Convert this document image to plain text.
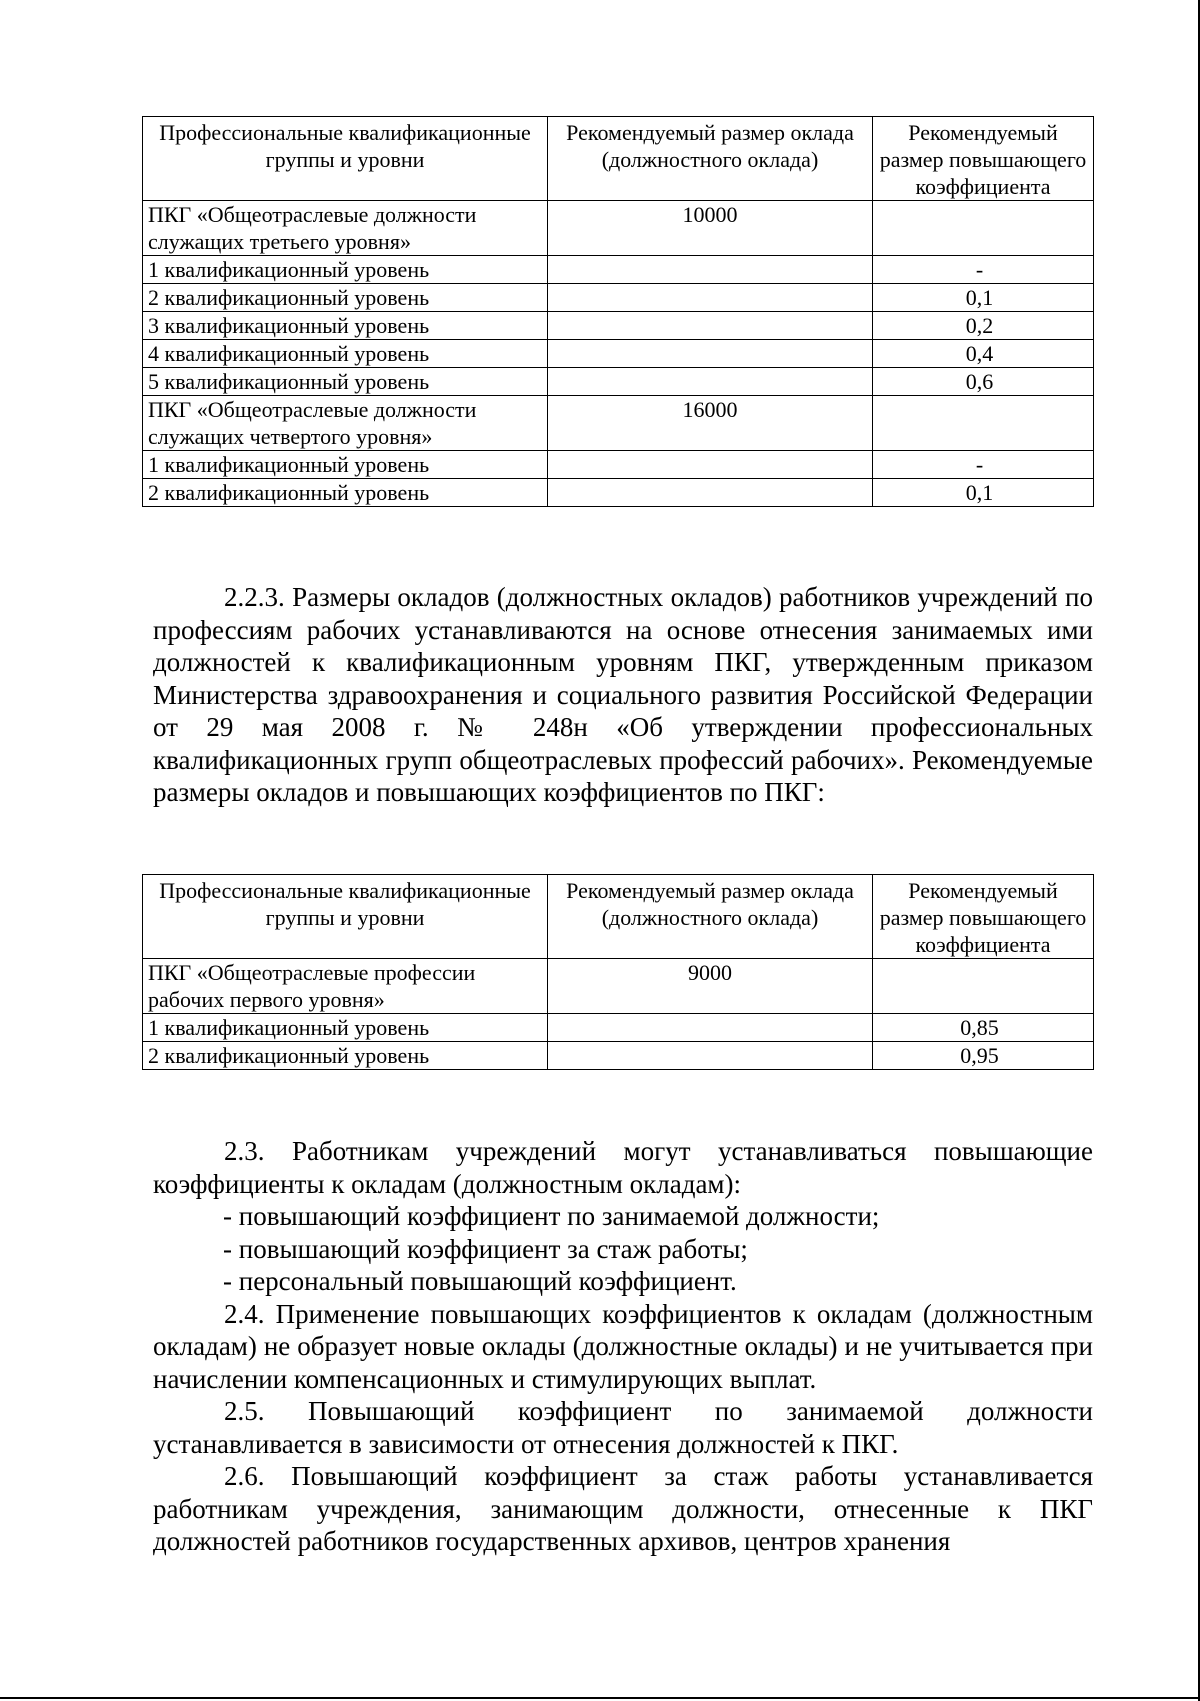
Профессиональные квалификационные группы и уровни	Рекомендуемый размер оклада (должностного оклада)	Рекомендуемый размер повышающего коэффициента
ПКГ «Общеотраслевые должности служащих третьего уровня»	10000	
1 квалификационный уровень		-
2 квалификационный уровень		0,1
3 квалификационный уровень		0,2
4 квалификационный уровень		0,4
5 квалификационный уровень		0,6
ПКГ «Общеотраслевые должности служащих четвертого уровня»	16000	
1 квалификационный уровень		-
2 квалификационный уровень		0,1

2.2.3. Размеры окладов (должностных окладов) работников учреждений по профессиям рабочих устанавливаются на основе отнесения занимаемых ими должностей к квалификационным уровням ПКГ, утвержденным приказом Министерства здравоохранения и социального развития Российской Федерации от 29 мая 2008 г. № 248н «Об утверждении профессиональных квалификационных групп общеотраслевых профессий рабочих». Рекомендуемые размеры окладов и повышающих коэффициентов по ПКГ:

Профессиональные квалификационные группы и уровни	Рекомендуемый размер оклада (должностного оклада)	Рекомендуемый размер повышающего коэффициента
ПКГ «Общеотраслевые профессии рабочих первого уровня»	9000	
1 квалификационный уровень		0,85
2 квалификационный уровень		0,95

2.3. Работникам учреждений могут устанавливаться повышающие коэффициенты к окладам (должностным окладам):

- повышающий коэффициент по занимаемой должности;

- повышающий коэффициент за стаж работы;

- персональный повышающий коэффициент.

2.4. Применение повышающих коэффициентов к окладам (должностным окладам) не образует новые оклады (должностные оклады) и не учитывается при начислении компенсационных и стимулирующих выплат.

2.5. Повышающий коэффициент по занимаемой должности устанавливается в зависимости от отнесения должностей к ПКГ.

2.6. Повышающий коэффициент за стаж работы устанавливается работникам учреждения, занимающим должности, отнесенные к ПКГ должностей работников государственных архивов, центров хранения
